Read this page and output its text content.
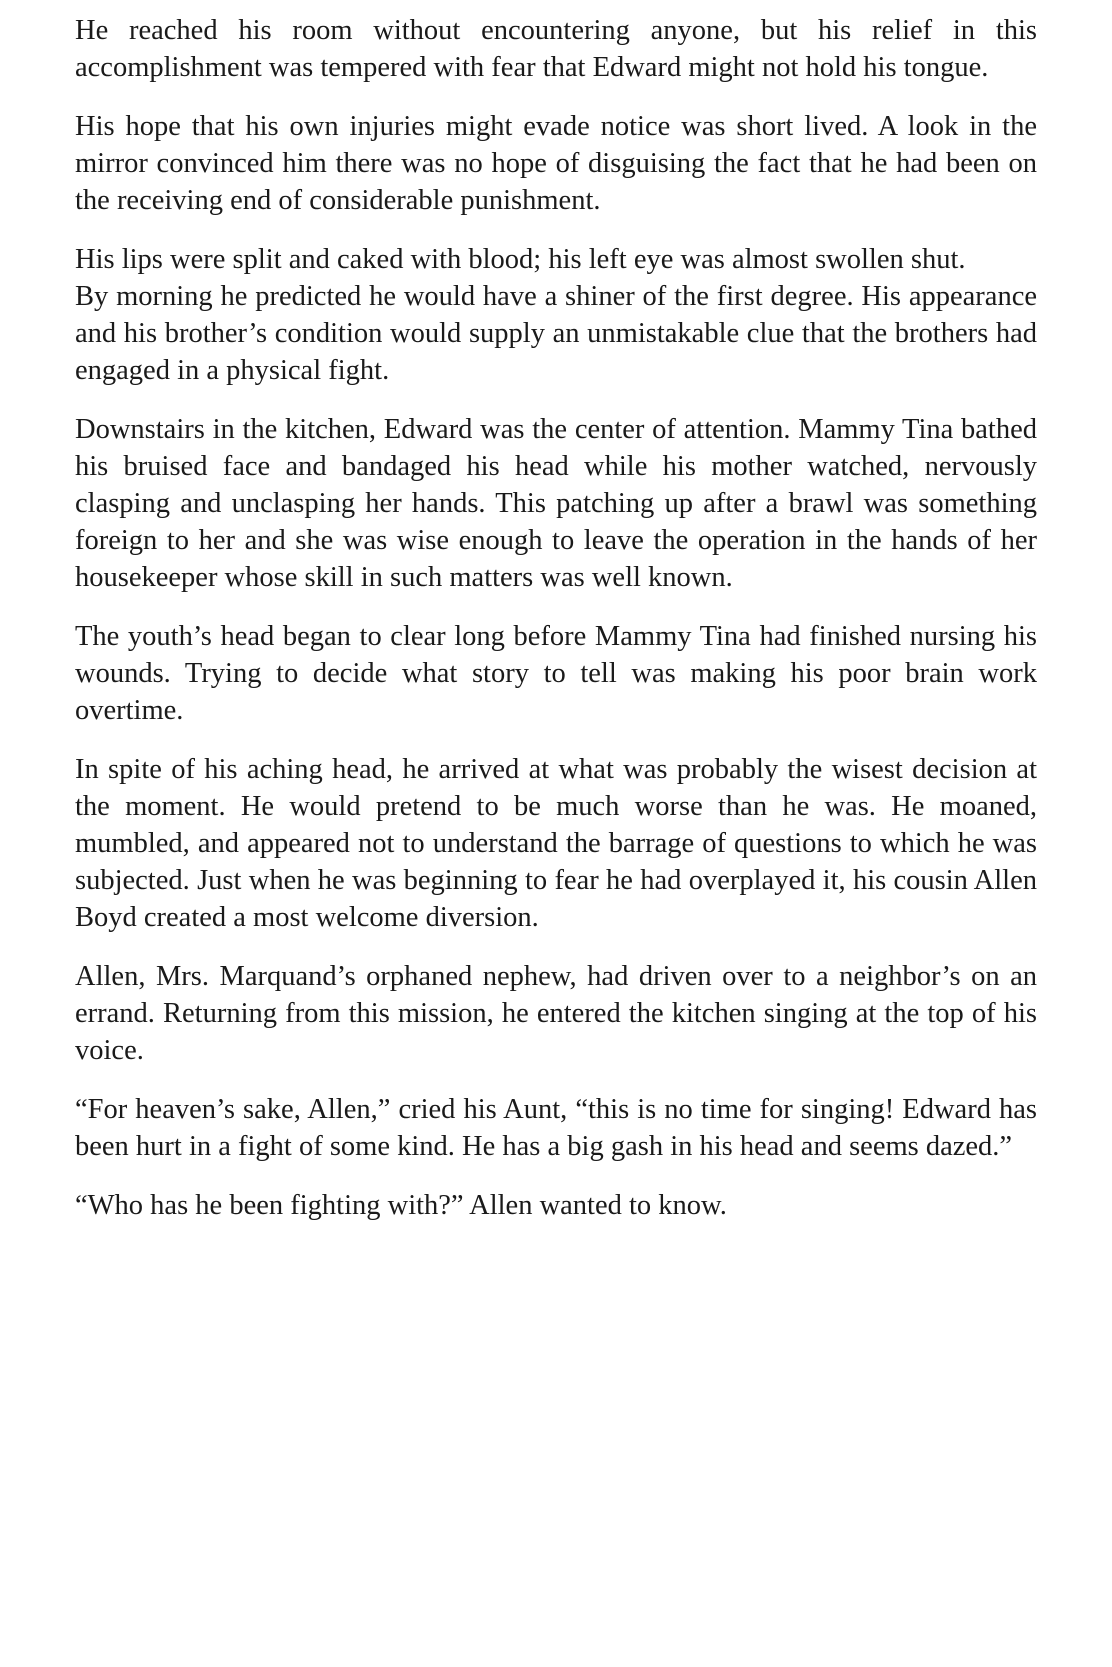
He reached his room without encountering anyone, but his relief in this accomplishment was tempered with fear that Edward might not hold his tongue.

His hope that his own injuries might evade notice was short lived. A look in the mirror convinced him there was no hope of disguising the fact that he had been on the receiving end of considerable punishment.

His lips were split and caked with blood; his left eye was almost swollen shut.
By morning he predicted he would have a shiner of the first degree. His appearance and his brother’s condition would supply an unmistakable clue that the brothers had engaged in a physical fight.

Downstairs in the kitchen, Edward was the center of attention. Mammy Tina bathed his bruised face and bandaged his head while his mother watched, nervously clasping and unclasping her hands. This patching up after a brawl was something foreign to her and she was wise enough to leave the operation in the hands of her housekeeper whose skill in such matters was well known.

The youth’s head began to clear long before Mammy Tina had finished nursing his wounds. Trying to decide what story to tell was making his poor brain work overtime.

In spite of his aching head, he arrived at what was probably the wisest decision at the moment. He would pretend to be much worse than he was. He moaned, mumbled, and appeared not to understand the barrage of questions to which he was subjected. Just when he was beginning to fear he had overplayed it, his cousin Allen Boyd created a most welcome diversion.

Allen, Mrs. Marquand’s orphaned nephew, had driven over to a neighbor’s on an errand. Returning from this mission, he entered the kitchen singing at the top of his voice.

“For heaven’s sake, Allen,” cried his Aunt, “this is no time for singing! Edward has been hurt in a fight of some kind. He has a big gash in his head and seems dazed.”

“Who has he been fighting with?” Allen wanted to know.
